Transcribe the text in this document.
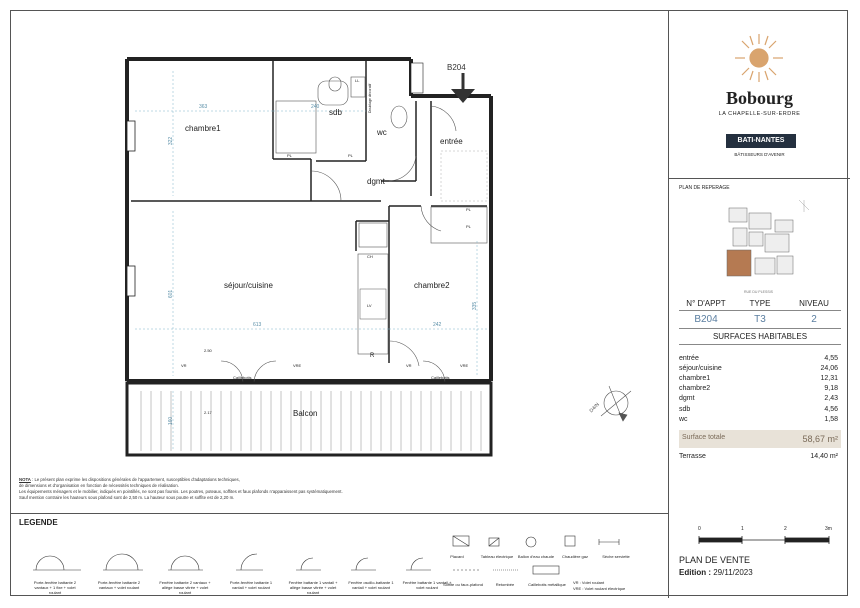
B204
chambre1
sdb
wc
entrée
dgmt
séjour/cuisine	chambre2
Balcon
LL
PL	PL
PL
PL
CH
LV
R
VRE	VRE
VR	VR
Caillebotis	Caillebotis
Doublage décoratif
2.50
2.17
363	240
322
601
613	242
335
160
D4/N
NOTA : Le présent plan exprime les dispositions générales de l'appartement, susceptibles d'adaptations techniques,
de dimensions et d'organisation en fonction de nécessités techniques de réalisation.
Les équipements ménagers et le mobilier, indiqués en pointillés, ne sont pas fournis. Les poutres, poteaux, soffites et faux plafonds n'apparaissent pas systématiquement.
Sauf mention contraire les hauteurs sous plafond sont de 2,50 m. La hauteur sous poutre et soffite est de 2,20 m.
LEGENDE
Porte-fenêtre battante 2 vantaux + 1 fixe + volet roulant
Porte-fenêtre battante 2 vantaux + volet roulant
Fenêtre battante 2 vantaux + allège basse vitrée + volet roulant
Porte-fenêtre battante 1 vantail + volet roulant
Fenêtre battante 1 vantail + allège basse vitrée + volet roulant
Fenêtre oscillo-battante 1 vantail + volet roulant
Fenêtre battante 1 vantail + volet roulant
Placard	Tableau électrique	Ballon d'eau chaude	Chaudière gaz	Sèche serviette
Soffite ou faux-plafond	Retombée	Caillebotis métallique	VR : Volet roulant
VRE : Volet roulant électrique
Bobourg
LA CHAPELLE-SUR-ERDRE
BATI-NANTES
BÂTISSEURS D'AVENIR
PLAN DE REPERAGE
RUE DU PLESSIS
N° D'APPT	TYPE	NIVEAU
B204	T3	2
SURFACES HABITABLES
entrée	4,55
séjour/cuisine	24,06
chambre1	12,31
chambre2	9,18
dgmt	2,43
sdb	4,56
wc	1,58
Surface totale	58,67 m²
Terrasse	14,40 m²
0	1	2	3m
PLAN DE VENTE
Edition : 29/11/2023
